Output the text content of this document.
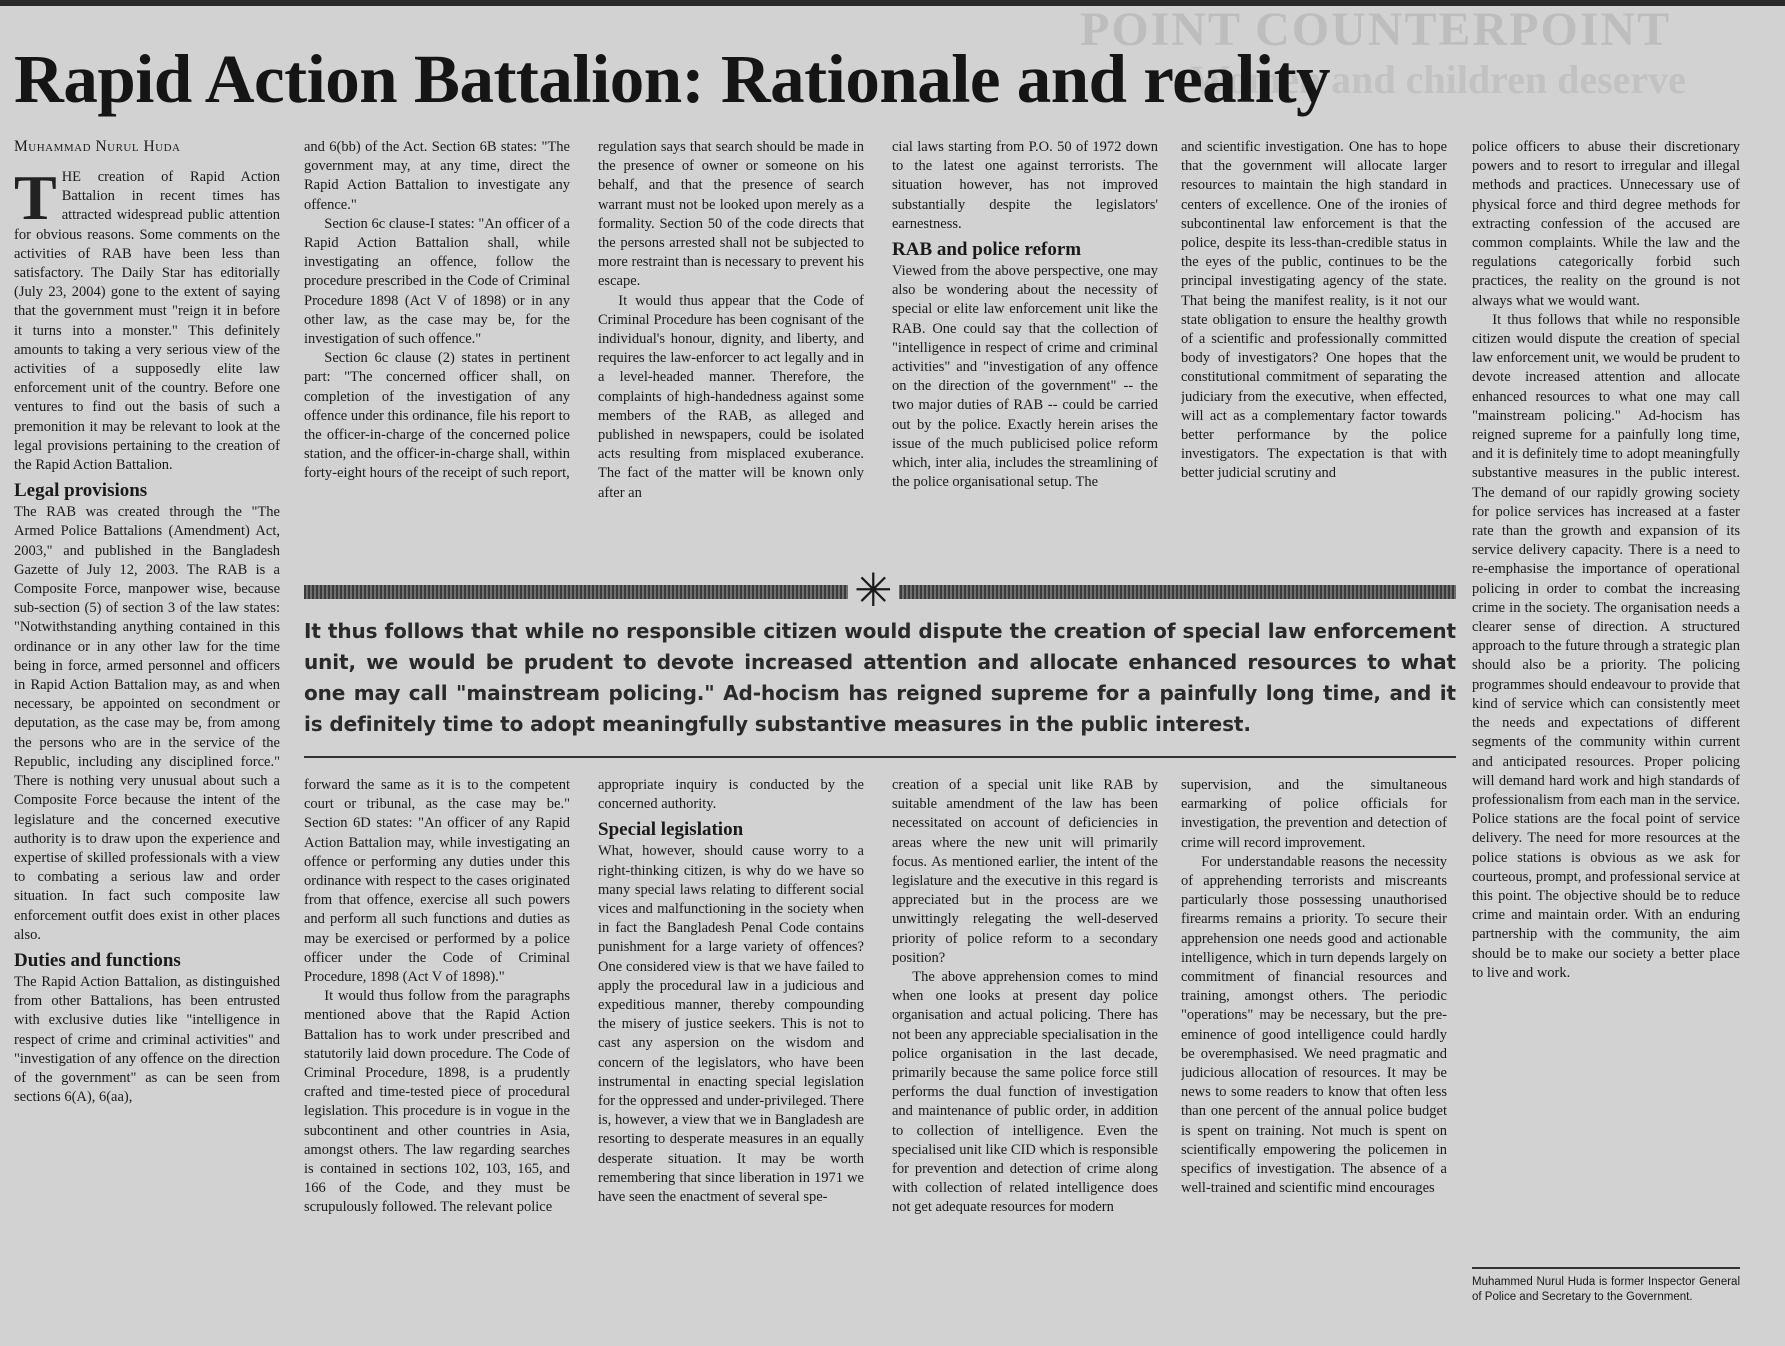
POINT COUNTERPOINT
Women and children deserve
Rapid Action Battalion: Rationale and reality
Muhammad Nurul Huda

THE creation of Rapid Action Battalion in recent times has attracted widespread public attention for obvious reasons. Some comments on the activities of RAB have been less than satisfactory. The Daily Star has editorially (July 23, 2004) gone to the extent of saying that the government must "reign it in before it turns into a monster." This definitely amounts to taking a very serious view of the activities of a supposedly elite law enforcement unit of the country. Before one ventures to find out the basis of such a premonition it may be relevant to look at the legal provisions pertaining to the creation of the Rapid Action Battalion.

Legal provisions

The RAB was created through the "The Armed Police Battalions (Amendment) Act, 2003," and published in the Bangladesh Gazette of July 12, 2003. The RAB is a Composite Force, manpower wise, because sub-section (5) of section 3 of the law states: "Notwithstanding anything contained in this ordinance or in any other law for the time being in force, armed personnel and officers in Rapid Action Battalion may, as and when necessary, be appointed on secondment or deputation, as the case may be, from among the persons who are in the service of the Republic, including any disciplined force." There is nothing very unusual about such a Composite Force because the intent of the legislature and the concerned executive authority is to draw upon the experience and expertise of skilled professionals with a view to combating a serious law and order situation. In fact such composite law enforcement outfit does exist in other places also.

Duties and functions

The Rapid Action Battalion, as distinguished from other Battalions, has been entrusted with exclusive duties like "intelligence in respect of crime and criminal activities" and "investigation of any offence on the direction of the government" as can be seen from sections 6(A), 6(aa),

and 6(bb) of the Act. Section 6B states: "The government may, at any time, direct the Rapid Action Battalion to investigate any offence."

Section 6c clause-I states: "An officer of a Rapid Action Battalion shall, while investigating an offence, follow the procedure prescribed in the Code of Criminal Procedure 1898 (Act V of 1898) or in any other law, as the case may be, for the investigation of such offence."

Section 6c clause (2) states in pertinent part: "The concerned officer shall, on completion of the investigation of any offence under this ordinance, file his report to the officer-in-charge of the concerned police station, and the officer-in-charge shall, within forty-eight hours of the receipt of such report,

regulation says that search should be made in the presence of owner or someone on his behalf, and that the presence of search warrant must not be looked upon merely as a formality. Section 50 of the code directs that the persons arrested shall not be subjected to more restraint than is necessary to prevent his escape.

It would thus appear that the Code of Criminal Procedure has been cognisant of the individual's honour, dignity, and liberty, and requires the law-enforcer to act legally and in a level-headed manner. Therefore, the complaints of high-handedness against some members of the RAB, as alleged and published in newspapers, could be isolated acts resulting from misplaced exuberance. The fact of the matter will be known only after an

cial laws starting from P.O. 50 of 1972 down to the latest one against terrorists. The situation however, has not improved substantially despite the legislators' earnestness.

RAB and police reform

Viewed from the above perspective, one may also be wondering about the necessity of special or elite law enforcement unit like the RAB. One could say that the collection of "intelligence in respect of crime and criminal activities" and "investigation of any offence on the direction of the government" -- the two major duties of RAB -- could be carried out by the police. Exactly herein arises the issue of the much publicised police reform which, inter alia, includes the streamlining of the police organisational setup. The

and scientific investigation. One has to hope that the government will allocate larger resources to maintain the high standard in centers of excellence. One of the ironies of subcontinental law enforcement is that the police, despite its less-than-credible status in the eyes of the public, continues to be the principal investigating agency of the state. That being the manifest reality, is it not our state obligation to ensure the healthy growth of a scientific and professionally committed body of investigators? One hopes that the constitutional commitment of separating the judiciary from the executive, when effected, will act as a complementary factor towards better performance by the police investigators. The expectation is that with better judicial scrutiny and

police officers to abuse their discretionary powers and to resort to irregular and illegal methods and practices. Unnecessary use of physical force and third degree methods for extracting confession of the accused are common complaints. While the law and the regulations categorically forbid such practices, the reality on the ground is not always what we would want.

It thus follows that while no responsible citizen would dispute the creation of special law enforcement unit, we would be prudent to devote increased attention and allocate enhanced resources to what one may call "mainstream policing." Ad-hocism has reigned supreme for a painfully long time, and it is definitely time to adopt meaningfully substantive measures in the public interest. The demand of our rapidly growing society for police services has increased at a faster rate than the growth and expansion of its service delivery capacity. There is a need to re-emphasise the importance of operational policing in order to combat the increasing crime in the society. The organisation needs a clearer sense of direction. A structured approach to the future through a strategic plan should also be a priority. The policing programmes should endeavour to provide that kind of service which can consistently meet the needs and expectations of different segments of the community within current and anticipated resources. Proper policing will demand hard work and high standards of professionalism from each man in the service. Police stations are the focal point of service delivery. The need for more resources at the police stations is obvious as we ask for courteous, prompt, and professional service at this point. The objective should be to reduce crime and maintain order. With an enduring partnership with the community, the aim should be to make our society a better place to live and work.

✳
It thus follows that while no responsible citizen would dispute the creation of special law enforcement unit, we would be prudent to devote increased attention and allocate enhanced resources to what one may call "mainstream policing." Ad-hocism has reigned supreme for a painfully long time, and it is definitely time to adopt meaningfully substantive measures in the public interest.

forward the same as it is to the competent court or tribunal, as the case may be." Section 6D states: "An officer of any Rapid Action Battalion may, while investigating an offence or performing any duties under this ordinance with respect to the cases originated from that offence, exercise all such powers and perform all such functions and duties as may be exercised or performed by a police officer under the Code of Criminal Procedure, 1898 (Act V of 1898)."

It would thus follow from the paragraphs mentioned above that the Rapid Action Battalion has to work under prescribed and statutorily laid down procedure. The Code of Criminal Procedure, 1898, is a prudently crafted and time-tested piece of procedural legislation. This procedure is in vogue in the subcontinent and other countries in Asia, amongst others. The law regarding searches is contained in sections 102, 103, 165, and 166 of the Code, and they must be scrupulously followed. The relevant police

appropriate inquiry is conducted by the concerned authority.

Special legislation

What, however, should cause worry to a right-thinking citizen, is why do we have so many special laws relating to different social vices and malfunctioning in the society when in fact the Bangladesh Penal Code contains punishment for a large variety of offences? One considered view is that we have failed to apply the procedural law in a judicious and expeditious manner, thereby compounding the misery of justice seekers. This is not to cast any aspersion on the wisdom and concern of the legislators, who have been instrumental in enacting special legislation for the oppressed and under-privileged. There is, however, a view that we in Bangladesh are resorting to desperate measures in an equally desperate situation. It may be worth remembering that since liberation in 1971 we have seen the enactment of several spe-

creation of a special unit like RAB by suitable amendment of the law has been necessitated on account of deficiencies in areas where the new unit will primarily focus. As mentioned earlier, the intent of the legislature and the executive in this regard is appreciated but in the process are we unwittingly relegating the well-deserved priority of police reform to a secondary position?

The above apprehension comes to mind when one looks at present day police organisation and actual policing. There has not been any appreciable specialisation in the police organisation in the last decade, primarily because the same police force still performs the dual function of investigation and maintenance of public order, in addition to collection of intelligence. Even the specialised unit like CID which is responsible for prevention and detection of crime along with collection of related intelligence does not get adequate resources for modern

supervision, and the simultaneous earmarking of police officials for investigation, the prevention and detection of crime will record improvement.

For understandable reasons the necessity of apprehending terrorists and miscreants particularly those possessing unauthorised firearms remains a priority. To secure their apprehension one needs good and actionable intelligence, which in turn depends largely on commitment of financial resources and training, amongst others. The periodic "operations" may be necessary, but the pre-eminence of good intelligence could hardly be overemphasised. We need pragmatic and judicious allocation of resources. It may be news to some readers to know that often less than one percent of the annual police budget is spent on training. Not much is spent on scientifically empowering the policemen in specifics of investigation. The absence of a well-trained and scientific mind encourages

Muhammed Nurul Huda is former Inspector General of Police and Secretary to the Government.
